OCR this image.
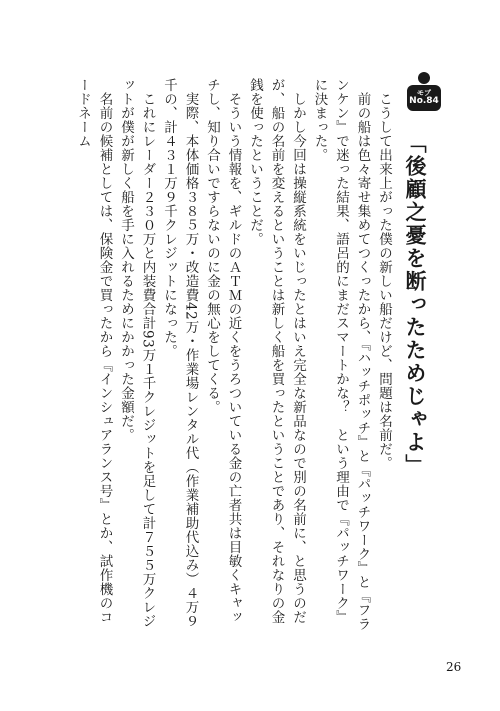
モブ
No.84
「後顧之憂を断ったためじゃよ」

　こうして出来上がった僕の新しい船だけど、問題は名前だ。

　前の船は色々寄せ集めてつくったから、『ハッチポッチ』と『パッチワーク』と『フランケン』で迷った結果、語呂的にまだスマートかな？　という理由で『パッチワーク』に決まった。

　しかし今回は操縦系統をいじったとはいえ完全な新品なので別の名前に、と思うのだが、船の名前を変えるということは新しく船を買ったということであり、それなりの金銭を使ったということだ。

　そういう情報を、ギルドのＡＴＭの近くをうろついている金の亡者共は目敏くキャッチし、知り合いですらないのに金の無心をしてくる。

　実際、本体価格３８５万・改造費42万・作業場レンタル代（作業補助代込み）４万９千の、計４３１万９千クレジットになった。

　これにレーダー２３０万と内装費合計93万１千クレジットを足して計７５５万クレジットが僕が新しく船を手に入れるためにかかった金額だ。

　名前の候補としては、保険金で買ったから『インシュアランス号』とか、試作機のコードネーム

26
